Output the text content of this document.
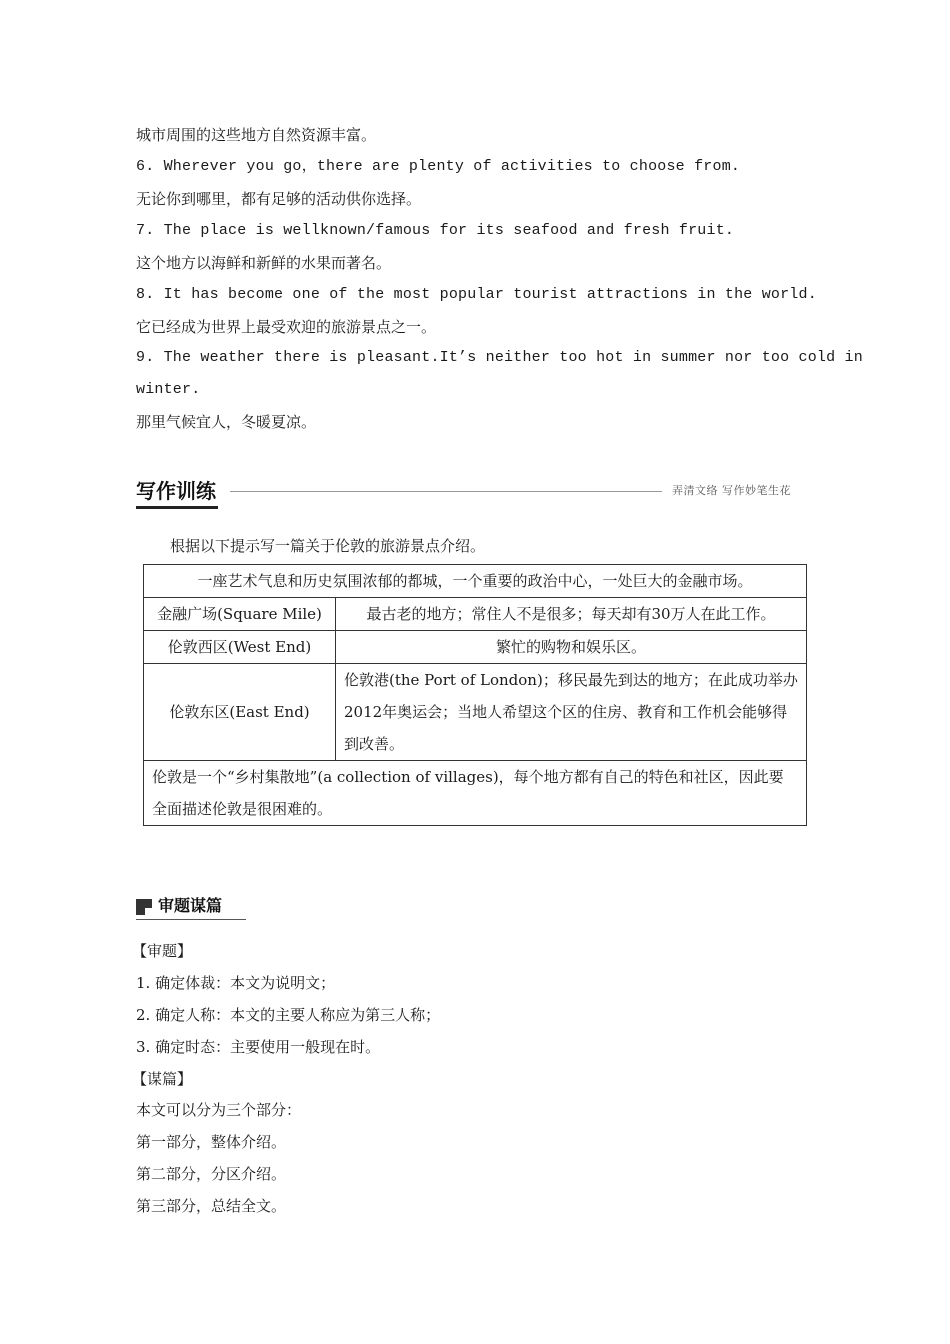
城市周围的这些地方自然资源丰富。
6. Wherever you go，there are plenty of activities to choose from.
无论你到哪里，都有足够的活动供你选择。
7. The place is wellknown/famous for its seafood and fresh fruit.
这个地方以海鲜和新鲜的水果而著名。
8. It has become one of the most popular tourist attractions in the world.
它已经成为世界上最受欢迎的旅游景点之一。
9. The weather there is pleasant.It’s neither too hot in summer nor too cold in
winter.
那里气候宜人，冬暖夏凉。
写作训练	弄清文络 写作妙笔生花
根据以下提示写一篇关于伦敦的旅游景点介绍。
一座艺术气息和历史氛围浓郁的都城，一个重要的政治中心，一处巨大的金融市场。	
金融广场(Square Mile)	最古老的地方；常住人不是很多；每天却有30万人在此工作。
伦敦西区(West End)	繁忙的购物和娱乐区。
伦敦东区(East End)	伦敦港(the Port of London)；移民最先到达的地方；在此成功举办2012年奥运会；当地人希望这个区的住房、教育和工作机会能够得到改善。
伦敦是一个“乡村集散地”(a collection of villages)，每个地方都有自己的特色和社区，因此要全面描述伦敦是很困难的。	
审题谋篇
【审题】
1. 确定体裁：本文为说明文；
2. 确定人称：本文的主要人称应为第三人称；
3. 确定时态：主要使用一般现在时。
【谋篇】
本文可以分为三个部分：
第一部分，整体介绍。
第二部分，分区介绍。
第三部分，总结全文。
